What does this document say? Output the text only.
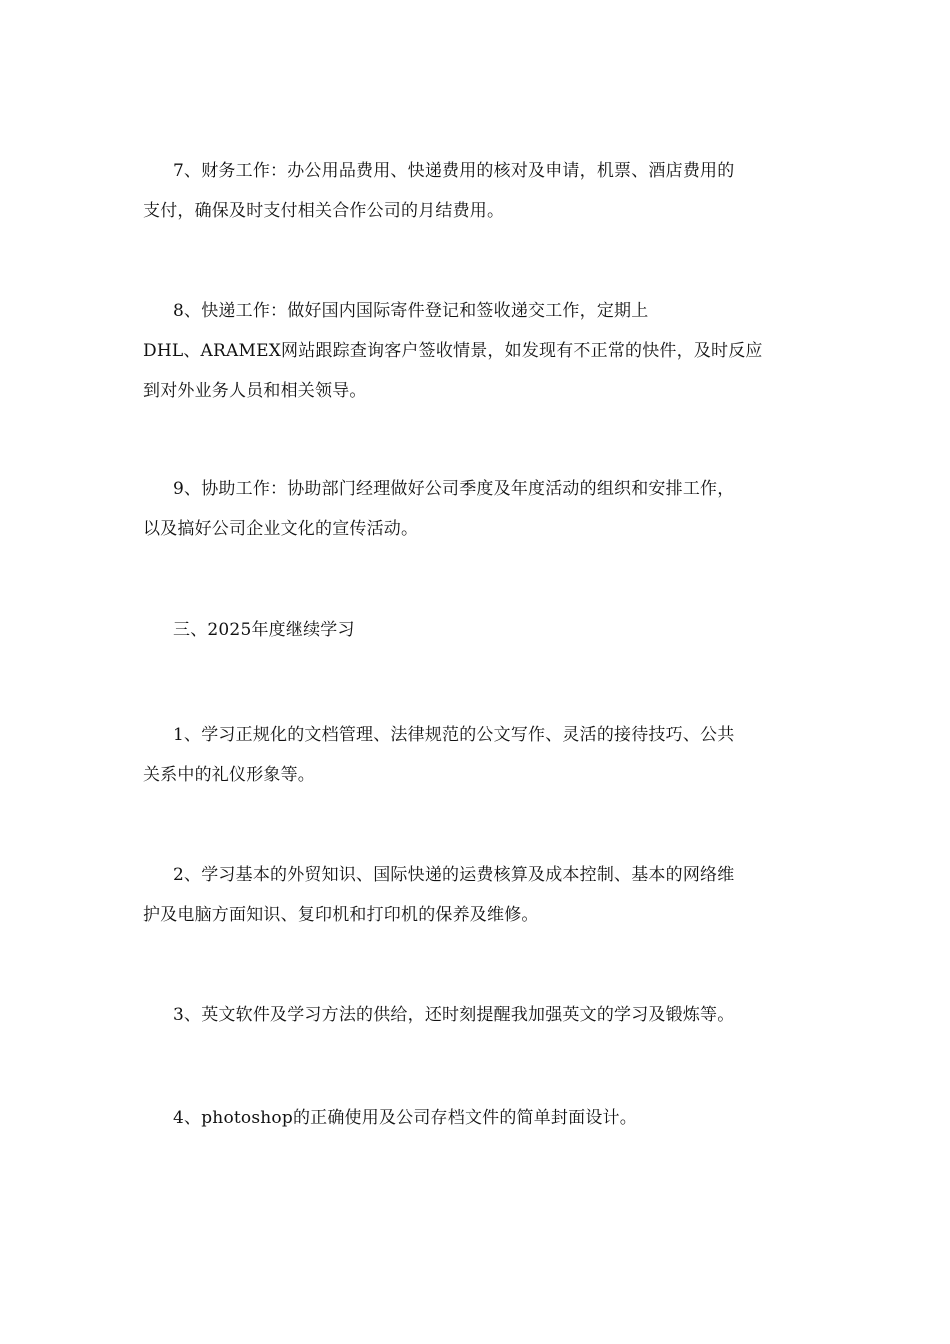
7、财务工作：办公用品费用、快递费用的核对及申请，机票、酒店费用的
支付，确保及时支付相关合作公司的月结费用。

8、快递工作：做好国内国际寄件登记和签收递交工作，定期上
DHL、ARAMEX网站跟踪查询客户签收情景，如发现有不正常的快件，及时反应
到对外业务人员和相关领导。

9、协助工作：协助部门经理做好公司季度及年度活动的组织和安排工作，
以及搞好公司企业文化的宣传活动。

三、2025年度继续学习

1、学习正规化的文档管理、法律规范的公文写作、灵活的接待技巧、公共
关系中的礼仪形象等。

2、学习基本的外贸知识、国际快递的运费核算及成本控制、基本的网络维
护及电脑方面知识、复印机和打印机的保养及维修。

3、英文软件及学习方法的供给，还时刻提醒我加强英文的学习及锻炼等。

4、photoshop的正确使用及公司存档文件的简单封面设计。
